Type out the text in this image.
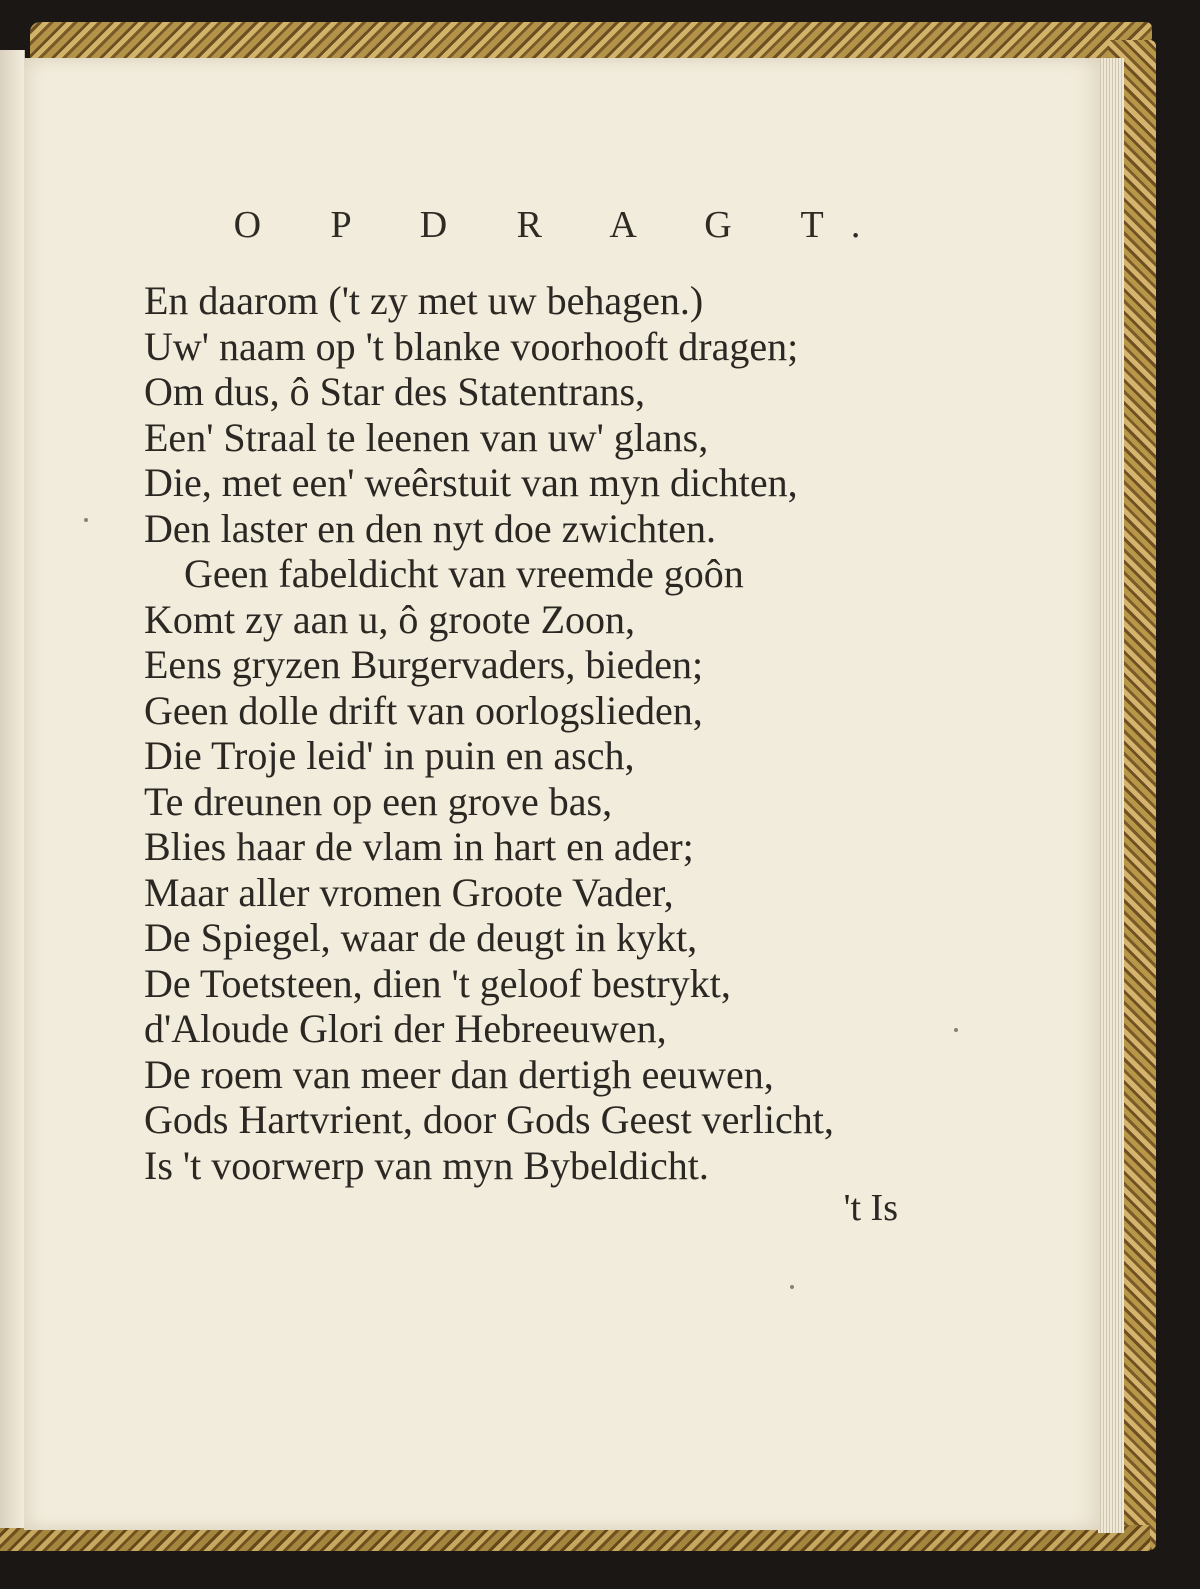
O P D R A G T.
En daarom ('t zy met uw behagen.)
Uw' naam op 't blanke voorhooft dragen;
Om dus, ô Star des Statentrans,
Een' Straal te leenen van uw' glans,
Die, met een' weêrstuit van myn dichten,
Den laster en den nyt doe zwichten.
Geen fabeldicht van vreemde goôn
Komt zy aan u, ô groote Zoon,
Eens gryzen Burgervaders, bieden;
Geen dolle drift van oorlogslieden,
Die Troje leid' in puin en asch,
Te dreunen op een grove bas,
Blies haar de vlam in hart en ader;
Maar aller vromen Groote Vader,
De Spiegel, waar de deugt in kykt,
De Toetsteen, dien 't geloof bestrykt,
d'Aloude Glori der Hebreeuwen,
De roem van meer dan dertigh eeuwen,
Gods Hartvrient, door Gods Geest verlicht,
Is 't voorwerp van myn Bybeldicht.
't Is
